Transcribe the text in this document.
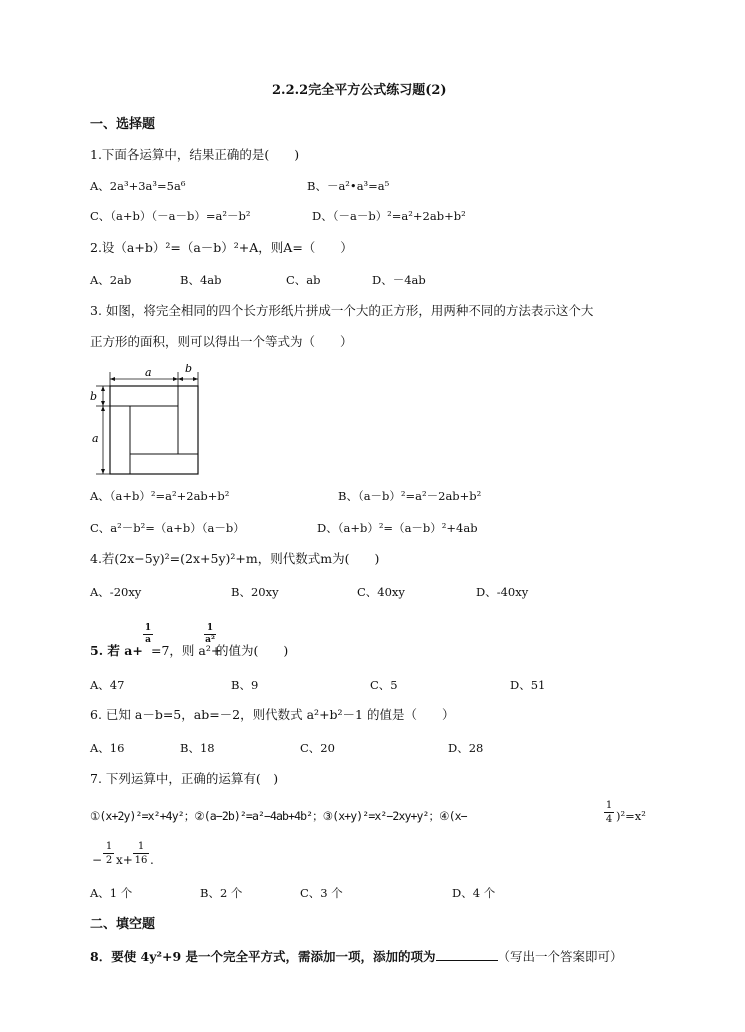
2.2.2完全平方公式练习题(2)
一、选择题
1.下面各运算中，结果正确的是(　　)
A、2a³+3a³=5a⁶	B、－a²•a³=a⁵
C、（a+b）（－a－b）=a²－b²	D、（－a－b）²=a²+2ab+b²
2.设（a+b）²=（a－b）²+A，则A=（　　）
A、2ab	B、4ab	C、ab	D、－4ab
3. 如图，将完全相同的四个长方形纸片拼成一个大的正方形，用两种不同的方法表示这个大
正方形的面积，则可以得出一个等式为（　　）
a	b
b
a
A、（a+b）²=a²+2ab+b²	B、（a－b）²=a²－2ab+b²
C、a²－b²=（a+b）（a－b）	D、（a+b）²=（a－b）²+4ab
4.若(2x−5y)²=(2x+5y)²+m，则代数式m为(　　)
A、-20xy	B、20xy	C、40xy	D、-40xy
5. 若 a+
1
a
=7，则 a²+
1
a²
的值为(　　)
A、47	B、9	C、5	D、51
6. 已知 a－b=5，ab=－2，则代数式 a²+b²－1 的值是（　　）
A、16	B、18	C、20	D、28
7. 下列运算中，正确的运算有(　)
①(x+2y)²=x²+4y²；②(a−2b)²=a²−4ab+4b²；③(x+y)²=x²−2xy+y²；④(x−
1
4 )²=x²
−
1
2 x+
1
16 .
A、1 个	B、2 个	C、3 个	D、4 个
二、填空题
8．要使 4y²+9 是一个完全平方式，需添加一项，添加的项为	（写出一个答案即可）
